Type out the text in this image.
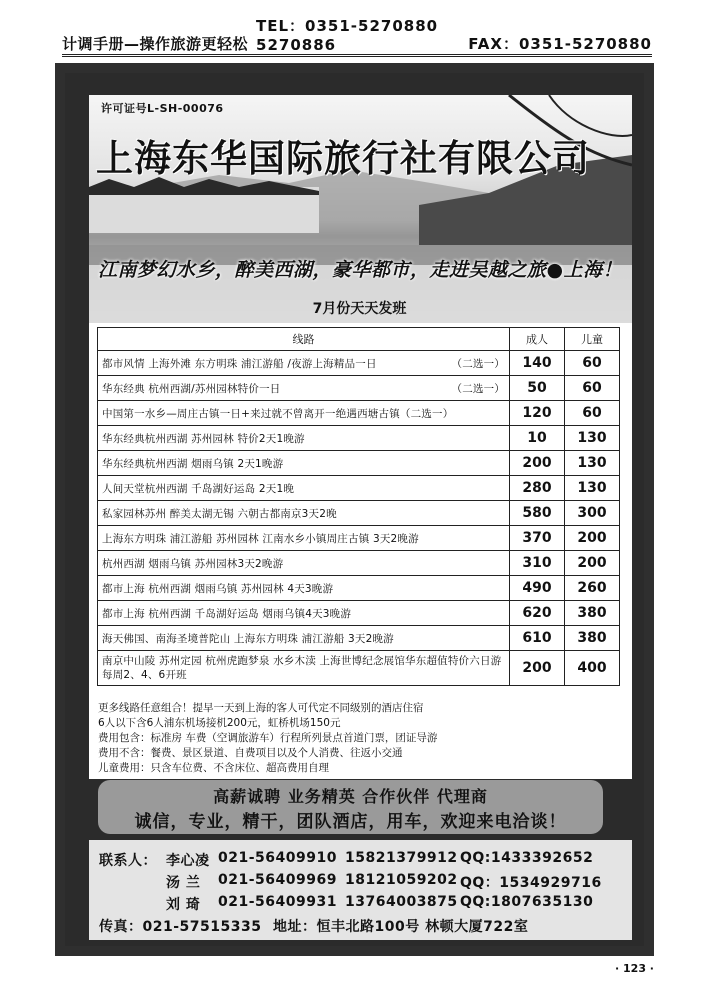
计调手册—操作旅游更轻松
TEL：0351-5270880 5270886	FAX：0351-5270880
许可证号L-SH-00076
上海东华国际旅行社有限公司
江南梦幻水乡，醉美西湖，豪华都市，走进吴越之旅●上海！
7月份天天发班
线路	成人	儿童
都市风情 上海外滩 东方明珠 浦江游船 /夜游上海精品一日 （二选一）	140	60
华东经典 杭州西湖/苏州园林特价一日 （二选一）	50	60
中国第一水乡—周庄古镇一日+来过就不曾离开一绝遇西塘古镇（二选一）	120	60
华东经典杭州西湖 苏州园林 特价2天1晚游	10	130
华东经典杭州西湖 烟雨乌镇 2天1晚游	200	130
人间天堂杭州西湖 千岛湖好运岛 2天1晚	280	130
私家园林苏州 醉美太湖无锡 六朝古都南京3天2晚	580	300
上海东方明珠 浦江游船 苏州园林 江南水乡小镇周庄古镇 3天2晚游	370	200
杭州西湖 烟雨乌镇 苏州园林3天2晚游	310	200
都市上海 杭州西湖 烟雨乌镇 苏州园林 4天3晚游	490	260
都市上海 杭州西湖 千岛湖好运岛 烟雨乌镇4天3晚游	620	380
海天佛国、南海圣境普陀山 上海东方明珠 浦江游船 3天2晚游	610	380
南京中山陵 苏州定园 杭州虎跑梦泉 水乡木渎 上海世博纪念展馆华东超值特价六日游每周2、4、6开班	200	400
更多线路任意组合！提早一天到上海的客人可代定不同级别的酒店住宿
6人以下含6人浦东机场接机200元，虹桥机场150元
费用包含：标准房 车费（空调旅游车）行程所列景点首道门票，团证导游
费用不含：餐费、景区景道、自费项目以及个人消费、往返小交通
儿童费用：只含车位费、不含床位、超高费用自理
高薪诚聘 业务精英 合作伙伴 代理商
诚信，专业，精干，团队酒店，用车，欢迎来电洽谈！
联系人： 李心凌 021-56409910 15821379912 QQ:1433392652
汤 兰 021-56409969 18121059202 QQ：1534929716
刘 琦 021-56409931 13764003875 QQ:1807635130
传真：021-57515335 地址：恒丰北路100号 林顿大厦722室
· 123 ·
